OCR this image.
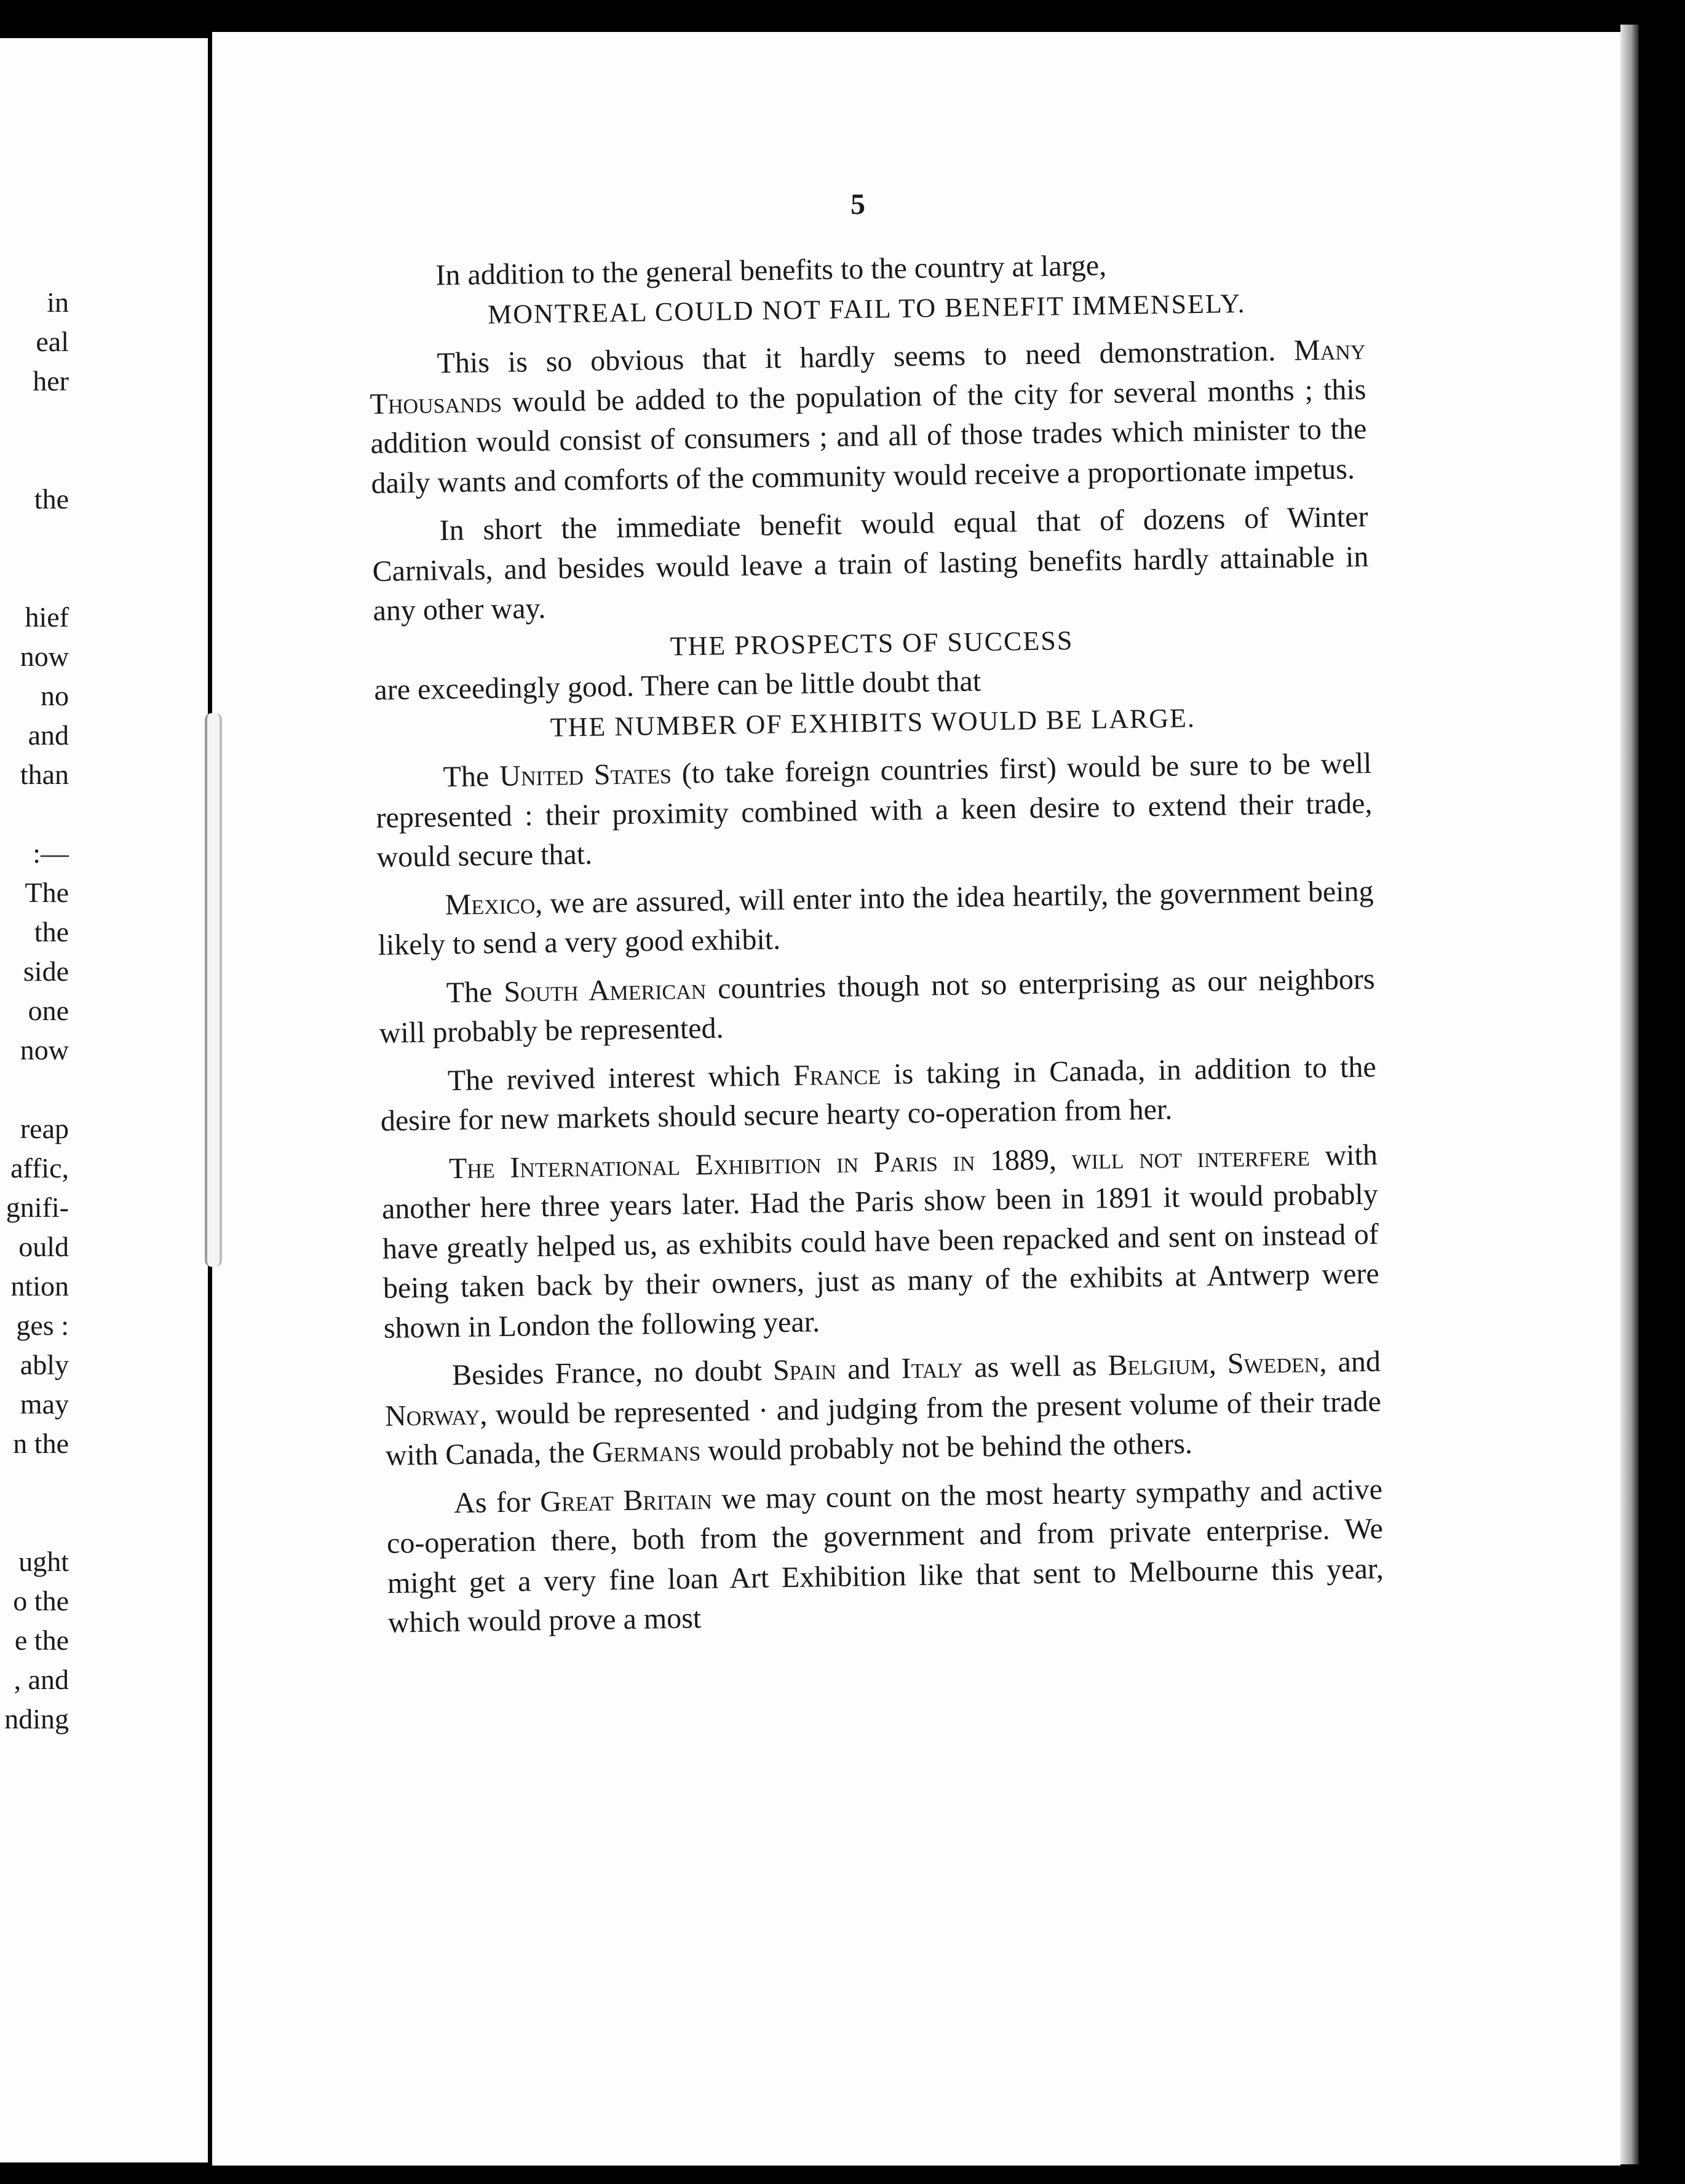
in
eal
her
the
hief
now
no
and
than
:—
The
the
side
one
now
reap
affic,
gnifi-
ould
ntion
ges :
ably
may
n the
ught
o the
e the
, and
nding
5

In addition to the general benefits to the country at large,

MONTREAL COULD NOT FAIL TO BENEFIT IMMENSELY.

This is so obvious that it hardly seems to need demonstration. Many Thousands would be added to the population of the city for several months ; this addition would consist of consumers ; and all of those trades which minister to the daily wants and comforts of the community would receive a proportionate impetus.

In short the immediate benefit would equal that of dozens of Winter Carnivals, and besides would leave a train of lasting benefits hardly attainable in any other way.

THE PROSPECTS OF SUCCESS

are exceedingly good. There can be little doubt that

THE NUMBER OF EXHIBITS WOULD BE LARGE.

The United States (to take foreign countries first) would be sure to be well represented : their proximity combined with a keen desire to extend their trade, would secure that.

Mexico, we are assured, will enter into the idea heartily, the government being likely to send a very good exhibit.

The South American countries though not so enterprising as our neighbors will probably be represented.

The revived interest which France is taking in Canada, in addition to the desire for new markets should secure hearty co-operation from her.

The International Exhibition in Paris in 1889, will not interfere with another here three years later. Had the Paris show been in 1891 it would probably have greatly helped us, as exhibits could have been repacked and sent on instead of being taken back by their owners, just as many of the exhibits at Antwerp were shown in London the following year.

Besides France, no doubt Spain and Italy as well as Belgium, Sweden, and Norway, would be represented · and judging from the present volume of their trade with Canada, the Germans would probably not be behind the others.

As for Great Britain we may count on the most hearty sympathy and active co-operation there, both from the government and from private enterprise. We might get a very fine loan Art Exhibition like that sent to Melbourne this year, which would prove a most
